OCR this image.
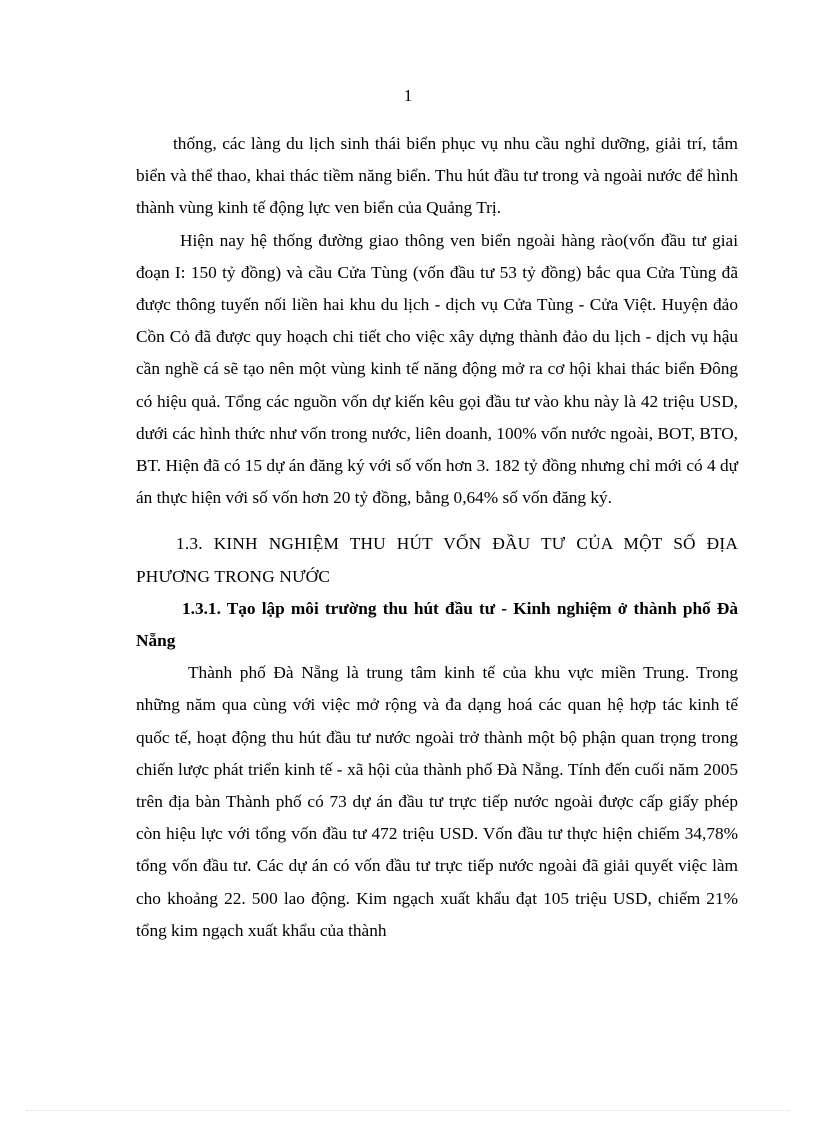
1

thống, các làng du lịch sinh thái biển phục vụ nhu cầu nghỉ dưỡng, giải trí, tắm biển và thể thao, khai thác tiềm năng biển. Thu hút đầu tư trong và ngoài nước để hình thành vùng kinh tế động lực ven biển của Quảng Trị.

Hiện nay hệ thống đường giao thông ven biển ngoài hàng rào(vốn đầu tư giai đoạn I: 150 tỷ đồng) và cầu Cửa Tùng (vốn đầu tư 53 tỷ đồng) bắc qua Cửa Tùng đã được thông tuyến nối liền hai khu du lịch - dịch vụ Cửa Tùng - Cửa Việt. Huyện đảo Cồn Cỏ đã được quy hoạch chi tiết cho việc xây dựng thành đảo du lịch - dịch vụ hậu cần nghề cá sẽ tạo nên một vùng kinh tế năng động mở ra cơ hội khai thác biển Đông có hiệu quả. Tổng các nguồn vốn dự kiến kêu gọi đầu tư vào khu này là 42 triệu USD, dưới các hình thức như vốn trong nước, liên doanh, 100% vốn nước ngoài, BOT, BTO, BT. Hiện đã có 15 dự án đăng ký với số vốn hơn 3. 182 tỷ đồng nhưng chỉ mới có 4 dự án thực hiện với số vốn hơn 20 tỷ đồng, bằng 0,64% số vốn đăng ký.

1.3. KINH NGHIỆM THU HÚT VỐN ĐẦU TƯ CỦA MỘT SỐ ĐỊA PHƯƠNG TRONG NƯỚC

1.3.1. Tạo lập môi trường thu hút đầu tư - Kinh nghiệm ở thành phố Đà Nẵng

Thành phố Đà Nẵng là trung tâm kinh tế của khu vực miền Trung. Trong những năm qua cùng với việc mở rộng và đa dạng hoá các quan hệ hợp tác kinh tế quốc tế, hoạt động thu hút đầu tư nước ngoài trở thành một bộ phận quan trọng trong chiến lược phát triển kinh tế - xã hội của thành phố Đà Nẵng. Tính đến cuối năm 2005 trên địa bàn Thành phố có 73 dự án đầu tư trực tiếp nước ngoài được cấp giấy phép còn hiệu lực với tổng vốn đầu tư 472 triệu USD. Vốn đầu tư thực hiện chiếm 34,78% tổng vốn đầu tư. Các dự án có vốn đầu tư trực tiếp nước ngoài đã giải quyết việc làm cho khoảng 22. 500 lao động. Kim ngạch xuất khẩu đạt 105 triệu USD, chiếm 21% tổng kim ngạch xuất khẩu của thành
